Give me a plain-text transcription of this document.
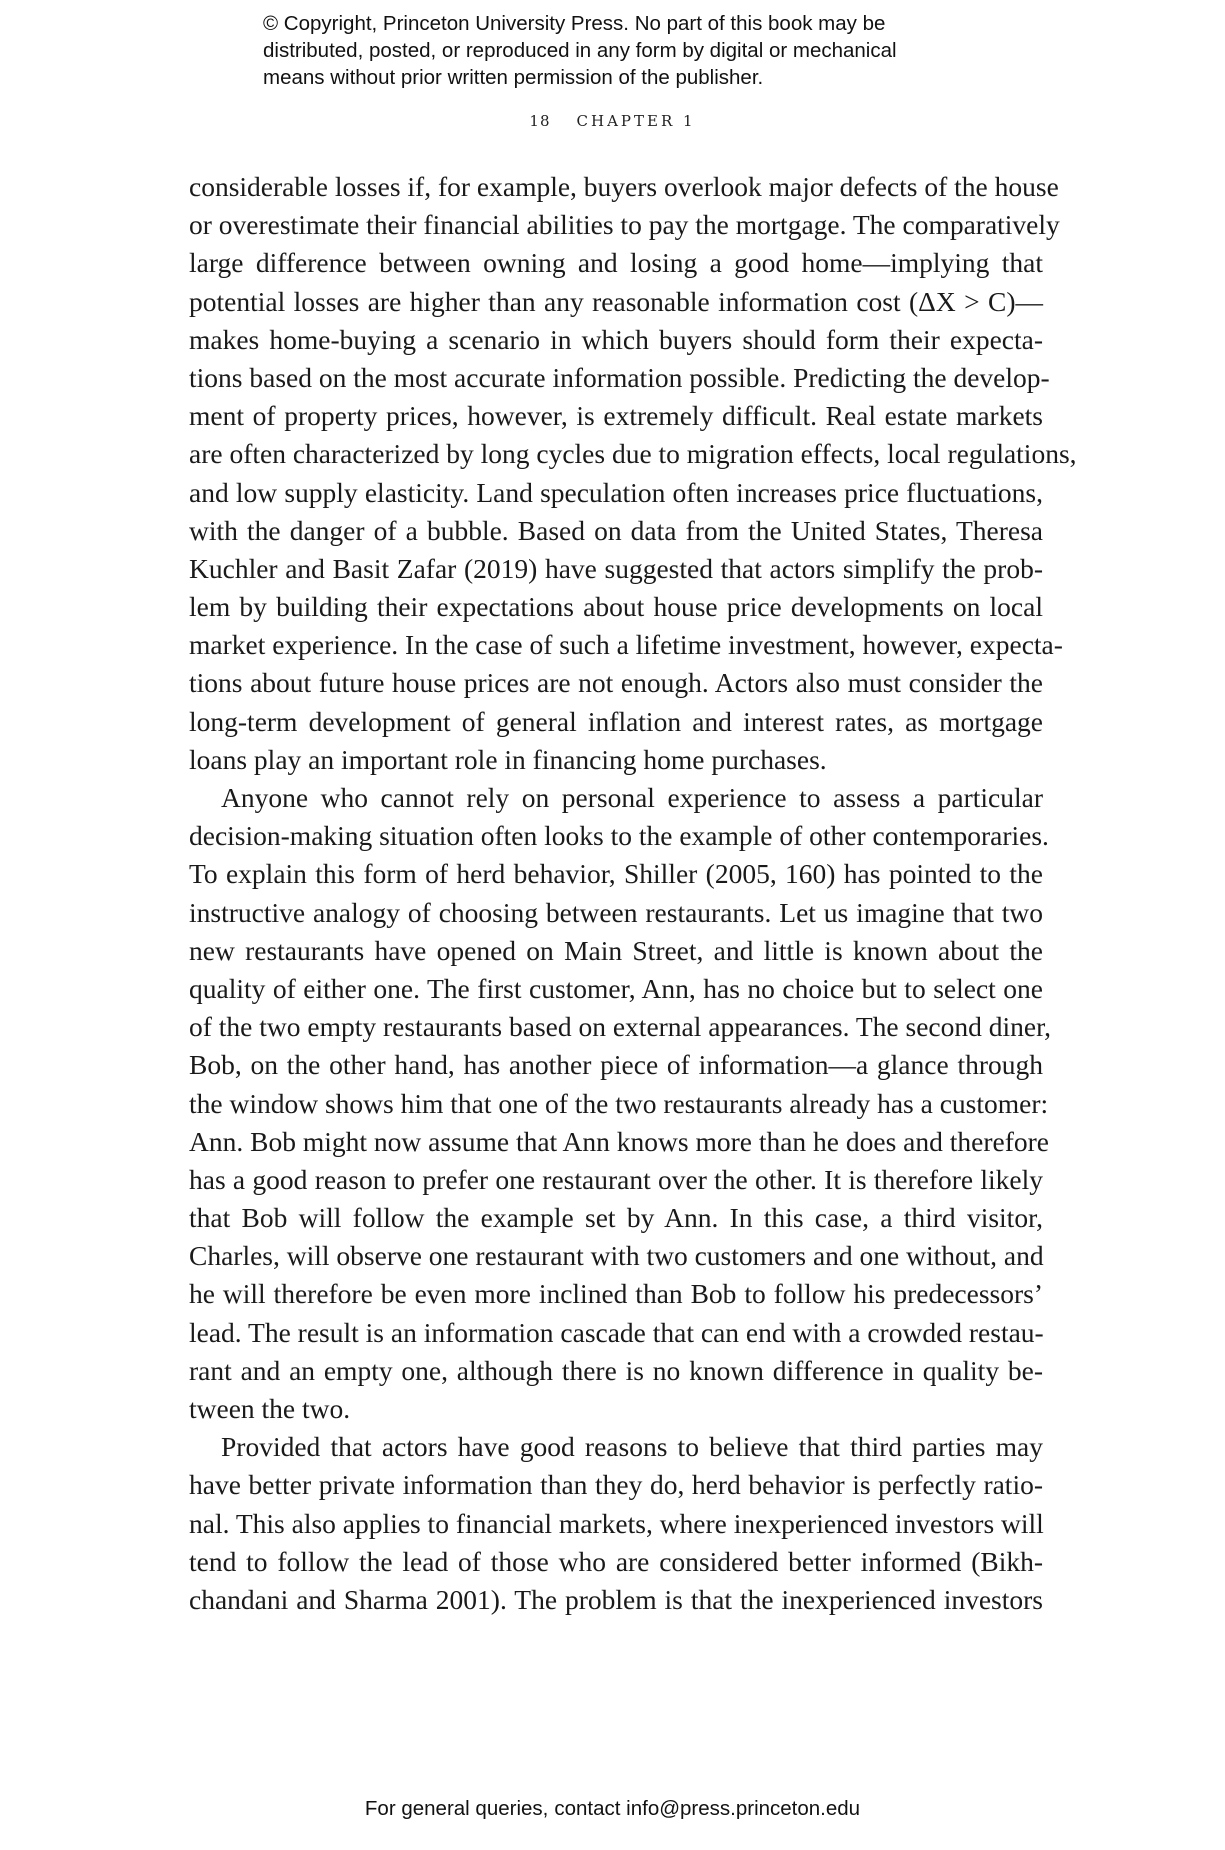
© Copyright, Princeton University Press. No part of this book may be
distributed, posted, or reproduced in any form by digital or mechanical
means without prior written permission of the publisher.
18 CHAPTER 1
considerable losses if, for example, buyers overlook major defects of the house
or overestimate their financial abilities to pay the mortgage. The comparatively
large difference between owning and losing a good home—implying that
potential losses are higher than any reasonable information cost (ΔX > C)—
makes home-buying a scenario in which buyers should form their expecta-
tions based on the most accurate information possible. Predicting the develop-
ment of property prices, however, is extremely difficult. Real estate markets
are often characterized by long cycles due to migration effects, local regulations,
and low supply elasticity. Land speculation often increases price fluctuations,
with the danger of a bubble. Based on data from the United States, Theresa
Kuchler and Basit Zafar (2019) have suggested that actors simplify the prob-
lem by building their expectations about house price developments on local
market experience. In the case of such a lifetime investment, however, expecta-
tions about future house prices are not enough. Actors also must consider the
long-term development of general inflation and interest rates, as mortgage
loans play an important role in financing home purchases.
Anyone who cannot rely on personal experience to assess a particular
decision-making situation often looks to the example of other contemporaries.
To explain this form of herd behavior, Shiller (2005, 160) has pointed to the
instructive analogy of choosing between restaurants. Let us imagine that two
new restaurants have opened on Main Street, and little is known about the
quality of either one. The first customer, Ann, has no choice but to select one
of the two empty restaurants based on external appearances. The second diner,
Bob, on the other hand, has another piece of information—a glance through
the window shows him that one of the two restaurants already has a customer:
Ann. Bob might now assume that Ann knows more than he does and therefore
has a good reason to prefer one restaurant over the other. It is therefore likely
that Bob will follow the example set by Ann. In this case, a third visitor,
Charles, will observe one restaurant with two customers and one without, and
he will therefore be even more inclined than Bob to follow his predecessors’
lead. The result is an information cascade that can end with a crowded restau-
rant and an empty one, although there is no known difference in quality be-
tween the two.
Provided that actors have good reasons to believe that third parties may
have better private information than they do, herd behavior is perfectly ratio-
nal. This also applies to financial markets, where inexperienced investors will
tend to follow the lead of those who are considered better informed (Bikh-
chandani and Sharma 2001). The problem is that the inexperienced investors
For general queries, contact info@press.princeton.edu
